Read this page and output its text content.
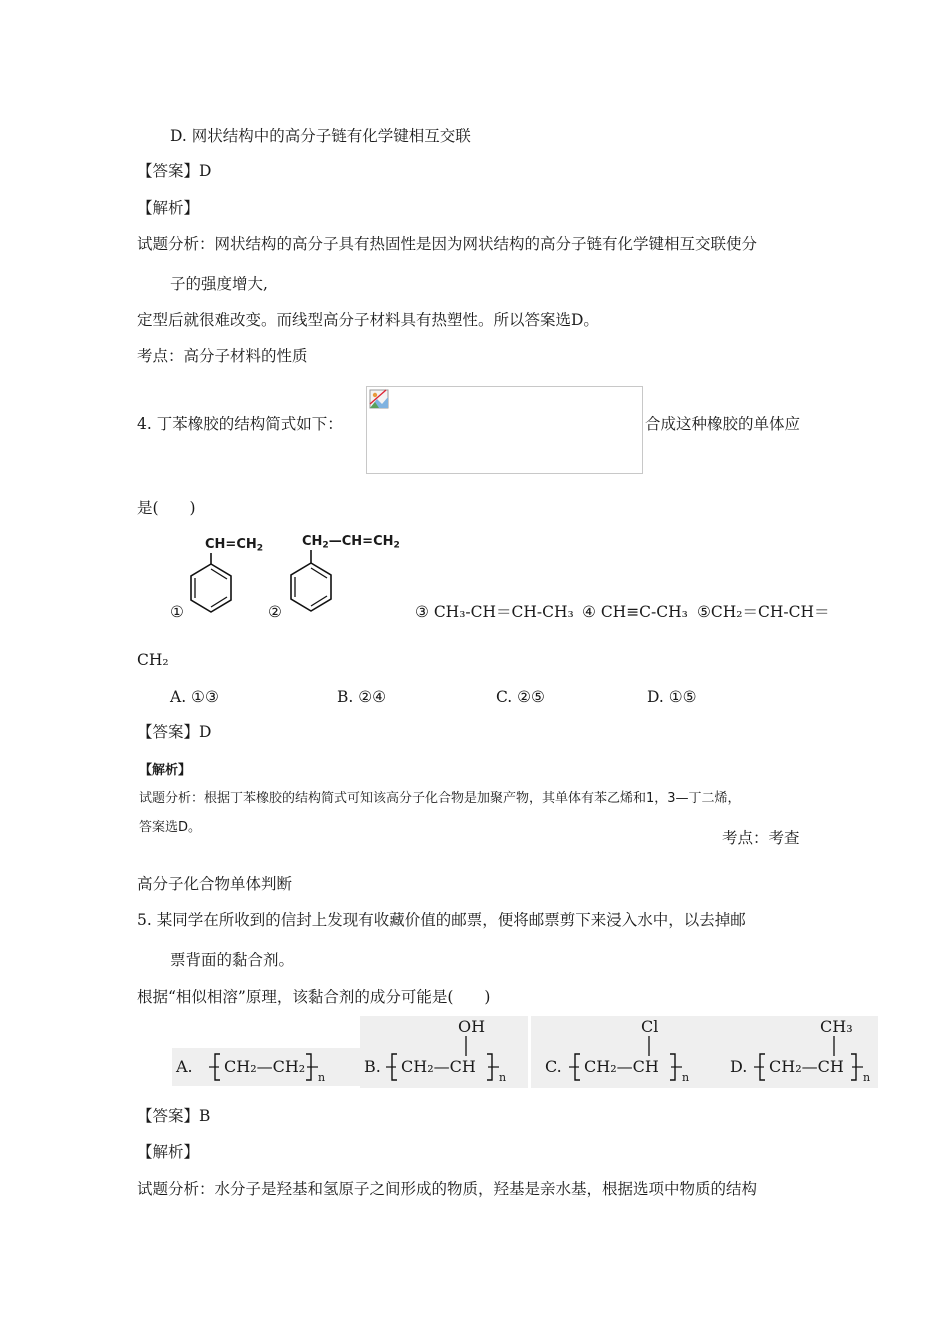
D. 网状结构中的高分子链有化学键相互交联
【答案】D
【解析】
试题分析：网状结构的高分子具有热固性是因为网状结构的高分子链有化学键相互交联使分
子的强度增大,
定型后就很难改变。而线型高分子材料具有热塑性。所以答案选D。
考点：高分子材料的性质
4. 丁苯橡胶的结构简式如下：	合成这种橡胶的单体应
是(　　)
$CH=CH_2$	$CH_2—CH=CH_2$
①	②	③ CH₃-CH＝CH-CH₃ ④ CH≡C-CH₃ ⑤CH₂＝CH-CH＝
CH₂
A. ①③	B. ②④	C. ②⑤	D. ①⑤
【答案】D
【解析】
试题分析：根据丁苯橡胶的结构简式可知该高分子化合物是加聚产物，其单体有苯乙烯和1，3—丁二烯，
答案选D。
考点：考查
高分子化合物单体判断
5. 某同学在所收到的信封上发现有收藏价值的邮票，便将邮票剪下来浸入水中，以去掉邮
票背面的黏合剂。
根据“相似相溶”原理，该黏合剂的成分可能是(　　)
A. CH₂—CH₂
n
B.
OH
CH₂—CH
n
C.
Cl
CH₂—CH
n
D.
CH₃
CH₂—CH
n
【答案】B
【解析】
试题分析：水分子是羟基和氢原子之间形成的物质，羟基是亲水基，根据选项中物质的结构
